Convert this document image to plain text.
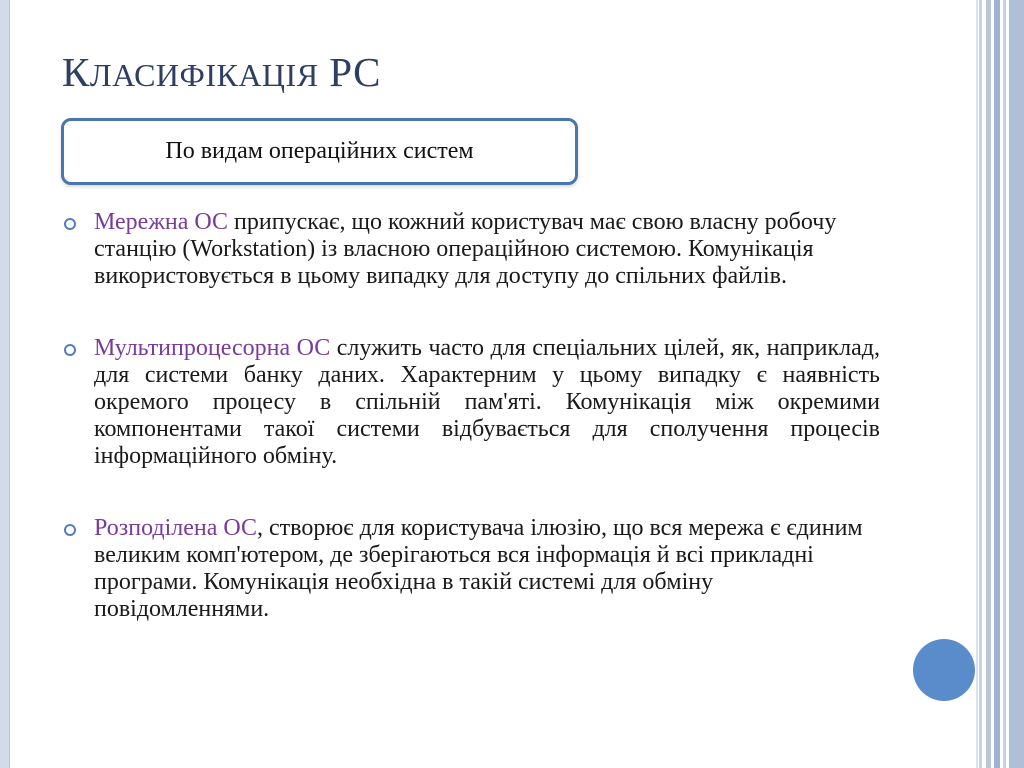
КЛАСИФІКАЦІЯ РС
По видам операційних систем
Мережна ОС припускає, що кожний користувач має свою власну робочу станцію (Workstation) із власною операційною системою. Комунікація використовується в цьому випадку для доступу до спільних файлів.
Мультипроцесорна ОС служить часто для спеціальних цілей, як, наприклад, для системи банку даних. Характерним у цьому випадку є наявність окремого процесу в спільній пам'яті. Комунікація між окремими компонентами такої системи відбувається для сполучення процесів інформаційного обміну.
Розподілена ОС, створює для користувача ілюзію, що вся мережа є єдиним великим комп'ютером, де зберігаються вся інформація й всі прикладні програми. Комунікація необхідна в такій системі для обміну повідомленнями.
